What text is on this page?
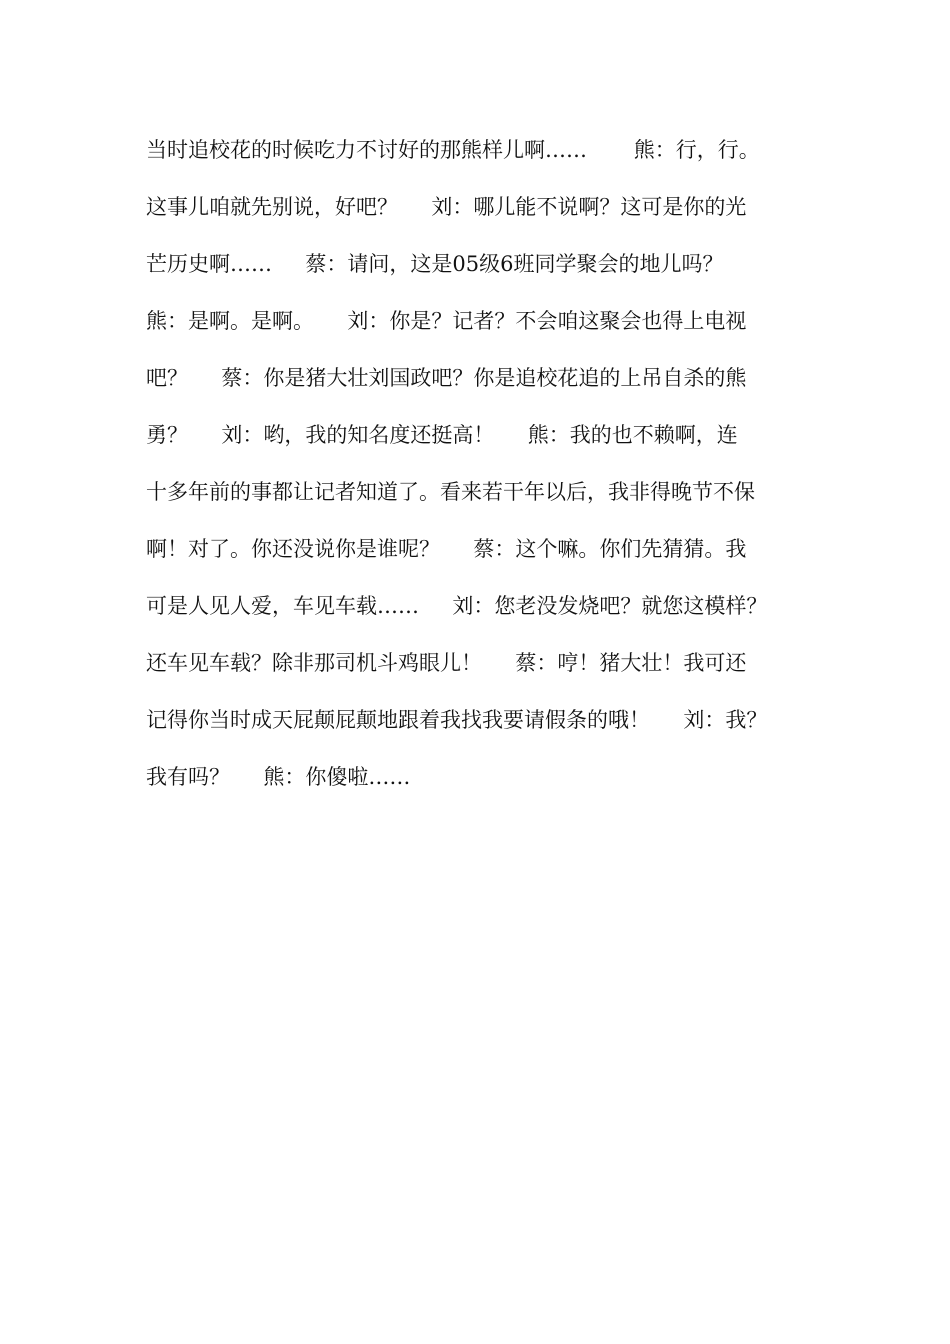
当时追校花的时候吃力不讨好的那熊样儿啊……       熊：行，行。
这事儿咱就先别说，好吧？     刘：哪儿能不说啊？这可是你的光
芒历史啊……     蔡：请问，这是05级6班同学聚会的地儿吗？
熊：是啊。是啊。     刘：你是？记者？不会咱这聚会也得上电视
吧？     蔡：你是猪大壮刘国政吧？你是追校花追的上吊自杀的熊
勇？     刘：哟，我的知名度还挺高！     熊：我的也不赖啊，连
十多年前的事都让记者知道了。看来若干年以后，我非得晚节不保
啊！对了。你还没说你是谁呢？     蔡：这个嘛。你们先猜猜。我
可是人见人爱，车见车载……     刘：您老没发烧吧？就您这模样？
还车见车载？除非那司机斗鸡眼儿！     蔡：哼！猪大壮！我可还
记得你当时成天屁颠屁颠地跟着我找我要请假条的哦！     刘：我？
我有吗？     熊：你傻啦……
